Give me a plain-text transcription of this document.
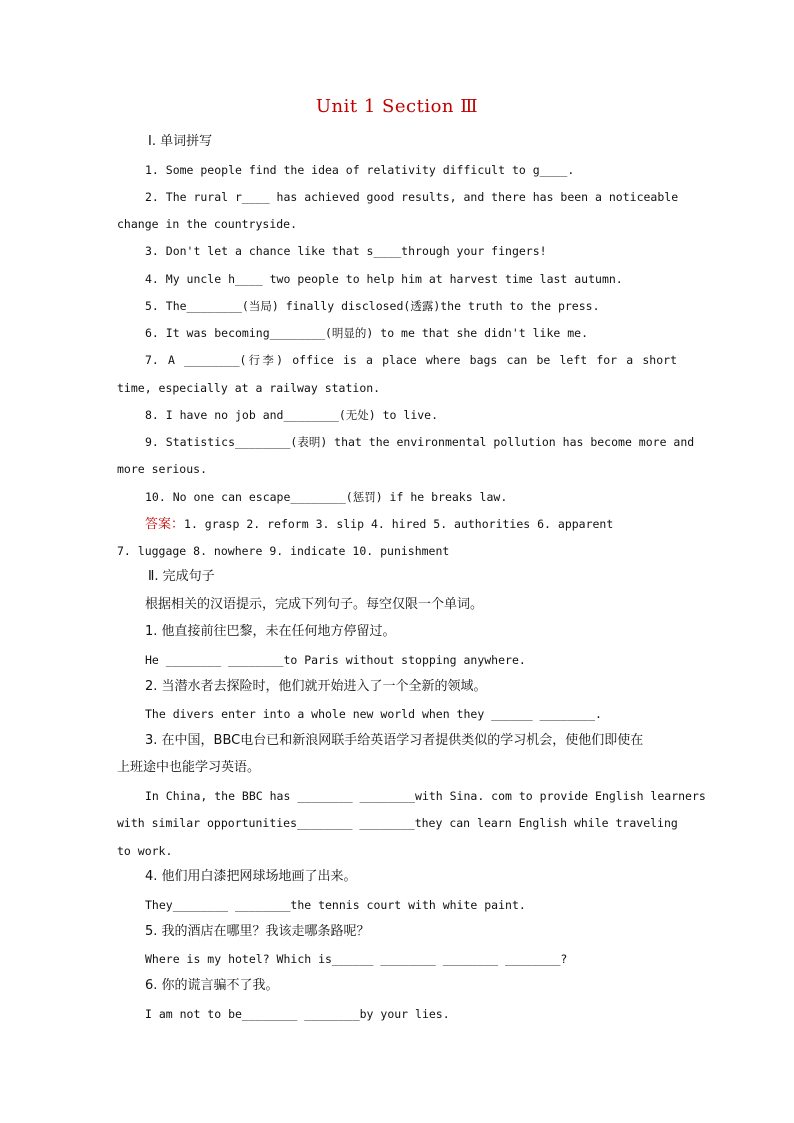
Unit 1 Section Ⅲ
Ⅰ. 单词拼写
1. Some people find the idea of relativity difficult to g____.
2. The rural r____ has achieved good results, and there has been a noticeable
change in the countryside.
3. Don't let a chance like that s____through your fingers!
4. My uncle h____ two people to help him at harvest time last autumn.
5. The________(当局) finally disclosed(透露)the truth to the press.
6. It was becoming________(明显的) to me that she didn't like me.
7. A ________(行李) office is a place where bags can be left for a short
time, especially at a railway station.
8. I have no job and________(无处) to live.
9. Statistics________(表明) that the environmental pollution has become more and
more serious.
10. No one can escape________(惩罚) if he breaks law.
答案：1. grasp 2. reform 3. slip 4. hired 5. authorities 6. apparent
7. luggage 8. nowhere 9. indicate 10. punishment
Ⅱ. 完成句子
根据相关的汉语提示，完成下列句子。每空仅限一个单词。
1. 他直接前往巴黎，未在任何地方停留过。
He ________ ________to Paris without stopping anywhere.
2. 当潜水者去探险时，他们就开始进入了一个全新的领域。
The divers enter into a whole new world when they ______ ________.
3. 在中国，BBC电台已和新浪网联手给英语学习者提供类似的学习机会，使他们即使在
上班途中也能学习英语。
In China, the BBC has ________ ________with Sina. com to provide English learners
with similar opportunities________ ________they can learn English while traveling
to work.
4. 他们用白漆把网球场地画了出来。
They________ ________the tennis court with white paint.
5. 我的酒店在哪里？我该走哪条路呢？
Where is my hotel? Which is______ ________ ________ ________?
6. 你的谎言骗不了我。
I am not to be________ ________by your lies.
